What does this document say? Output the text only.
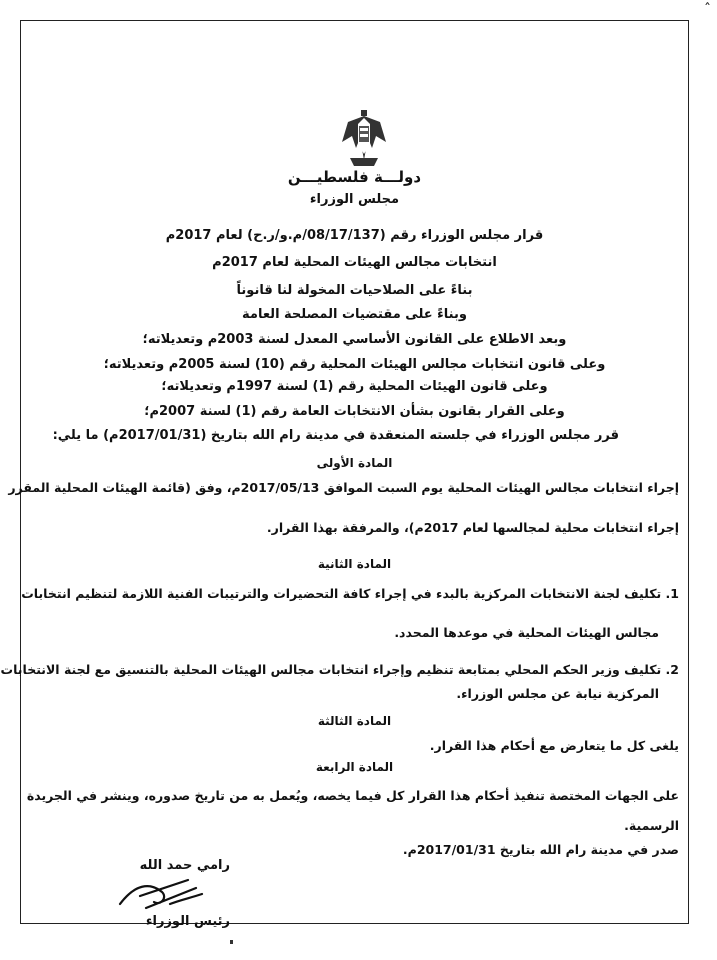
ˆ
دولـــة فلسطيـــن
مجلس الوزراء
قرار مجلس الوزراء رقم (08/17/137/م.و/ر.ح) لعام 2017م
انتخابات مجالس الهيئات المحلية لعام 2017م
بناءً على الصلاحيات المخولة لنا قانوناً
وبناءً على مقتضيات المصلحة العامة
وبعد الاطلاع على القانون الأساسي المعدل لسنة 2003م وتعديلاته؛
وعلى قانون انتخابات مجالس الهيئات المحلية رقم (10) لسنة 2005م وتعديلاته؛
وعلى قانون الهيئات المحلية رقم (1) لسنة 1997م وتعديلاته؛
وعلى القرار بقانون بشأن الانتخابات العامة رقم (1) لسنة 2007م؛
قرر مجلس الوزراء في جلسته المنعقدة في مدينة رام الله بتاريخ (2017/01/31م) ما يلي:
المادة الأولى
إجراء انتخابات مجالس الهيئات المحلية يوم السبت الموافق 2017/05/13م، وفق (قائمة الهيئات المحلية المقرر
إجراء انتخابات محلية لمجالسها لعام 2017م)، والمرفقة بهذا القرار.
المادة الثانية
1. تكليف لجنة الانتخابات المركزية بالبدء في إجراء كافة التحضيرات والترتيبات الفنية اللازمة لتنظيم انتخابات
مجالس الهيئات المحلية في موعدها المحدد.
2. تكليف وزير الحكم المحلي بمتابعة تنظيم وإجراء انتخابات مجالس الهيئات المحلية بالتنسيق مع لجنة الانتخابات
المركزية نيابة عن مجلس الوزراء.
المادة الثالثة
يلغى كل ما يتعارض مع أحكام هذا القرار.
المادة الرابعة
على الجهات المختصة تنفيذ أحكام هذا القرار كل فيما يخصه، ويُعمل به من تاريخ صدوره، وينشر في الجريدة
الرسمية.
صدر في مدينة رام الله بتاريخ 2017/01/31م.
رامي حمد الله
رئيس الوزراء
